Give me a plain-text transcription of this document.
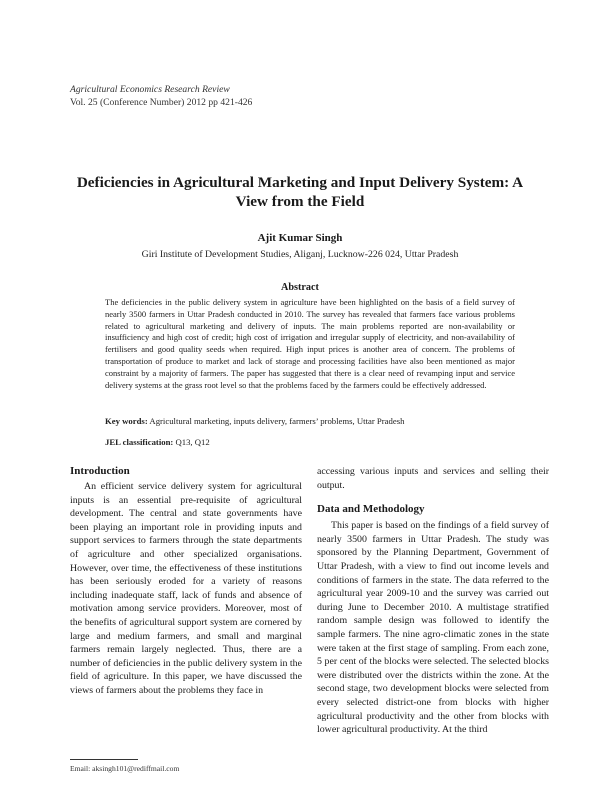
Agricultural Economics Research Review
Vol. 25 (Conference Number) 2012 pp 421-426
Deficiencies in Agricultural Marketing and Input Delivery System: A View from the Field
Ajit Kumar Singh
Giri Institute of Development Studies, Aliganj, Lucknow-226 024, Uttar Pradesh
Abstract
The deficiencies in the public delivery system in agriculture have been highlighted on the basis of a field survey of nearly 3500 farmers in Uttar Pradesh conducted in 2010. The survey has revealed that farmers face various problems related to agricultural marketing and delivery of inputs. The main problems reported are non-availability or insufficiency and high cost of credit; high cost of irrigation and irregular supply of electricity, and non-availability of fertilisers and good quality seeds when required. High input prices is another area of concern. The problems of transportation of produce to market and lack of storage and processing facilities have also been mentioned as major constraint by a majority of farmers. The paper has suggested that there is a clear need of revamping input and service delivery systems at the grass root level so that the problems faced by the farmers could be effectively addressed.
Key words: Agricultural marketing, inputs delivery, farmers’ problems, Uttar Pradesh
JEL classification: Q13, Q12
Introduction

An efficient service delivery system for agricultural inputs is an essential pre-requisite of agricultural development. The central and state governments have been playing an important role in providing inputs and support services to farmers through the state departments of agriculture and other specialized organisations. However, over time, the effectiveness of these institutions has been seriously eroded for a variety of reasons including inadequate staff, lack of funds and absence of motivation among service providers. Moreover, most of the benefits of agricultural support system are cornered by large and medium farmers, and small and marginal farmers remain largely neglected. Thus, there are a number of deficiencies in the public delivery system in the field of agriculture. In this paper, we have discussed the views of farmers about the problems they face in

accessing various inputs and services and selling their output.

Data and Methodology

This paper is based on the findings of a field survey of nearly 3500 farmers in Uttar Pradesh. The study was sponsored by the Planning Department, Government of Uttar Pradesh, with a view to find out income levels and conditions of farmers in the state. The data referred to the agricultural year 2009-10 and the survey was carried out during June to December 2010. A multistage stratified random sample design was followed to identify the sample farmers. The nine agro-climatic zones in the state were taken at the first stage of sampling. From each zone, 5 per cent of the blocks were selected. The selected blocks were distributed over the districts within the zone. At the second stage, two development blocks were selected from every selected district-one from blocks with higher agricultural productivity and the other from blocks with lower agricultural productivity. At the third

Email: aksingh101@rediffmail.com
